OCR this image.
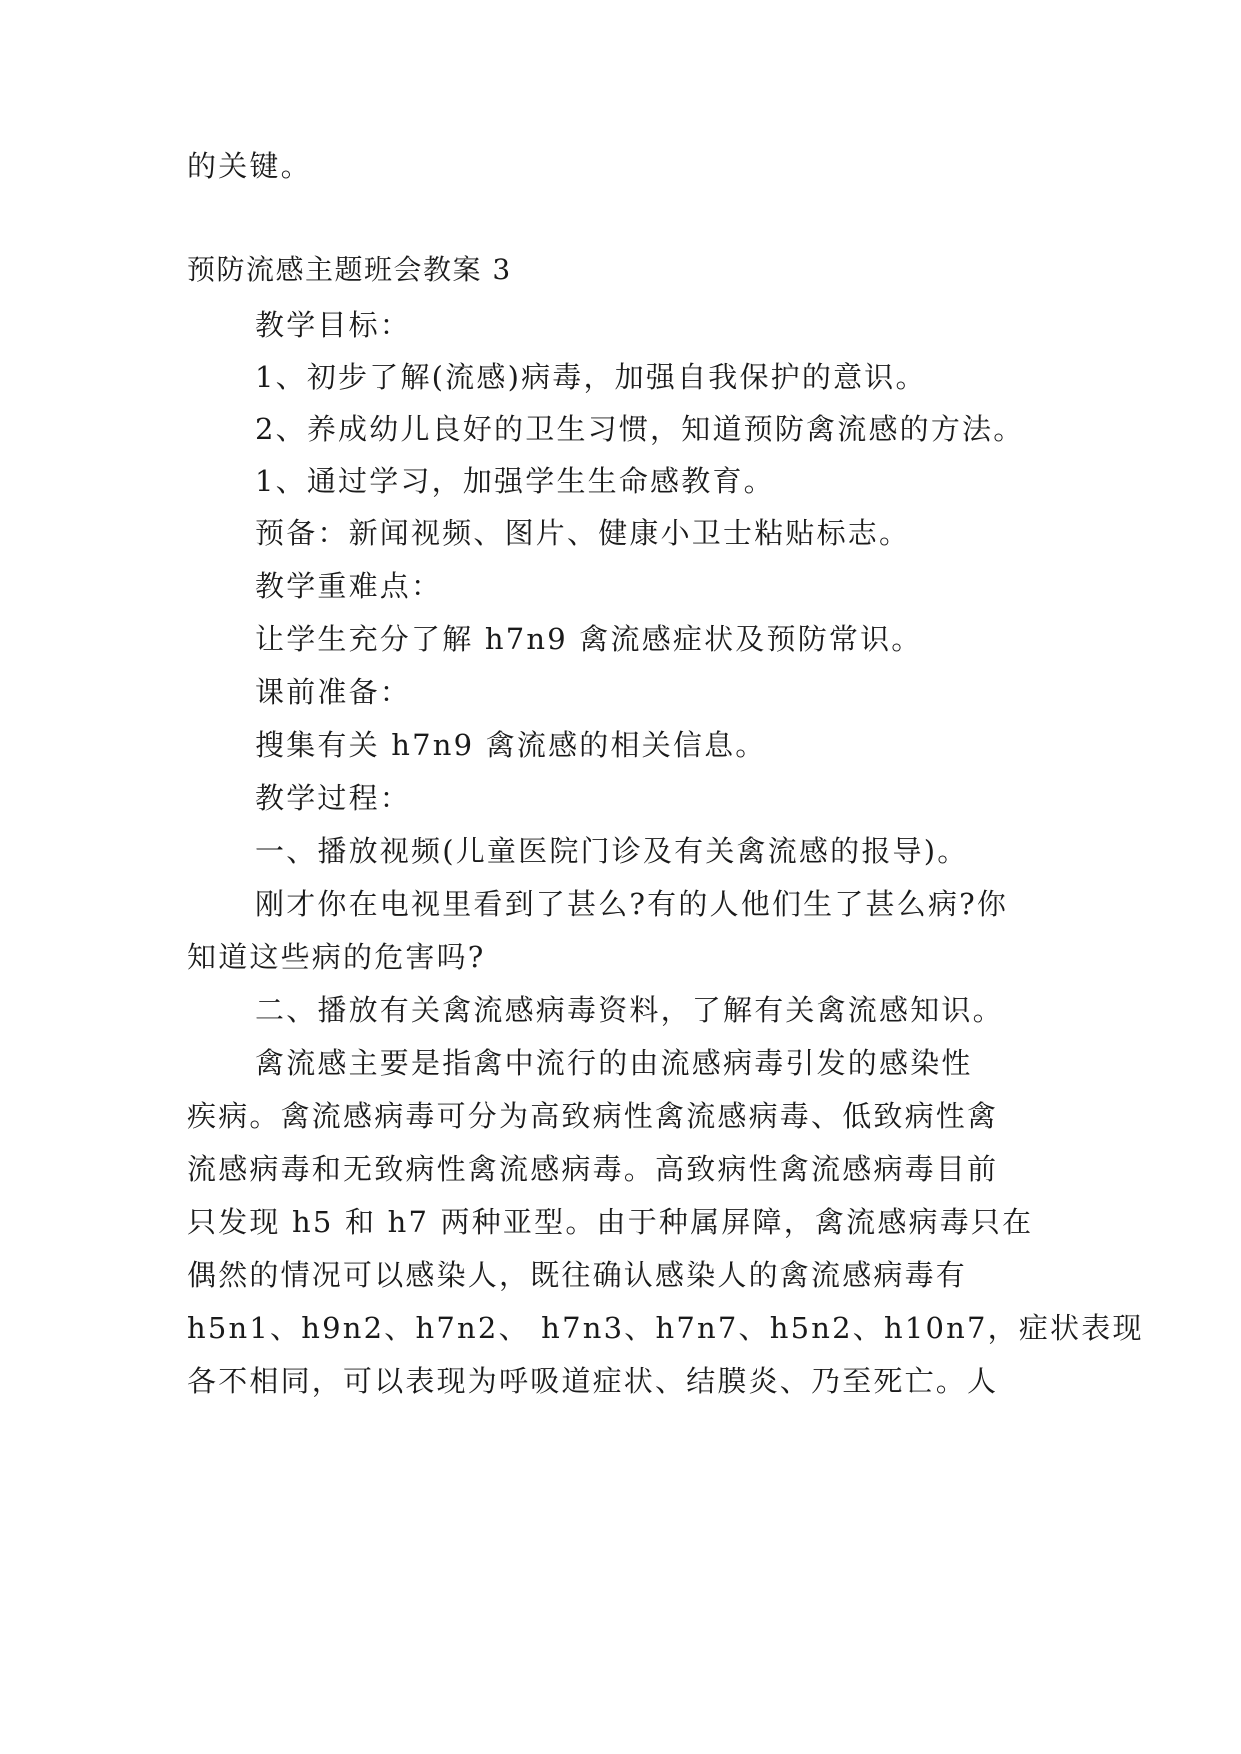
的关键。
预防流感主题班会教案 3
教学目标：
1、初步了解(流感)病毒，加强自我保护的意识。
2、养成幼儿良好的卫生习惯，知道预防禽流感的方法。
1、通过学习，加强学生生命感教育。
预备：新闻视频、图片、健康小卫士粘贴标志。
教学重难点：
让学生充分了解 h7n9 禽流感症状及预防常识。
课前准备：
搜集有关 h7n9 禽流感的相关信息。
教学过程：
一、播放视频(儿童医院门诊及有关禽流感的报导)。
刚才你在电视里看到了甚么?有的人他们生了甚么病?你
知道这些病的危害吗?
二、播放有关禽流感病毒资料，了解有关禽流感知识。
禽流感主要是指禽中流行的由流感病毒引发的感染性
疾病。禽流感病毒可分为高致病性禽流感病毒、低致病性禽
流感病毒和无致病性禽流感病毒。高致病性禽流感病毒目前
只发现 h5 和 h7 两种亚型。由于种属屏障，禽流感病毒只在
偶然的情况可以感染人，既往确认感染人的禽流感病毒有
h5n1、h9n2、h7n2、 h7n3、h7n7、h5n2、h10n7，症状表现
各不相同，可以表现为呼吸道症状、结膜炎、乃至死亡。人
